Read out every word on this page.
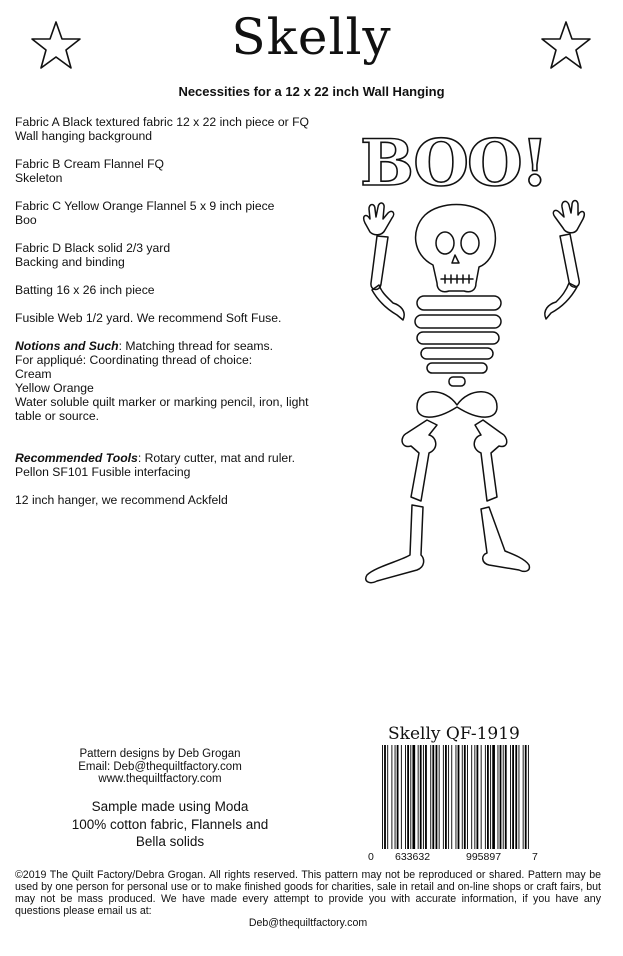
Skelly
Necessities for a 12 x 22 inch Wall Hanging

Fabric A Black textured fabric 12 x 22 inch piece or FQ
Wall hanging background

Fabric B Cream Flannel FQ
Skeleton

Fabric C Yellow Orange Flannel 5 x 9 inch piece
Boo

Fabric D Black solid 2/3 yard
Backing and binding

Batting 16 x 26 inch piece

Fusible Web 1/2 yard. We recommend Soft Fuse.

Notions and Such: Matching thread for seams.
For appliqué: Coordinating thread of choice:
Cream
Yellow Orange
Water soluble quilt marker or marking pencil, iron, light
table or source.

Recommended Tools: Rotary cutter, mat and ruler.
Pellon SF101 Fusible interfacing

12 inch hanger, we recommend Ackfeld

BOO!
Pattern designs by Deb Grogan
Email: Deb@thequiltfactory.com
www.thequiltfactory.com
Sample made using Moda
100% cotton fabric, Flannels and
Bella solids
Skelly QF-1919
0 633632	995897	7
©2019 The Quilt Factory/Debra Grogan. All rights reserved. This pattern may not be reproduced or shared. Pattern may be used by one person for personal use or to make finished goods for charities, sale in retail and on-line shops or craft fairs, but may not be mass produced. We have made every attempt to provide you with accurate information, if you have any questions please email us at:
Deb@thequiltfactory.com
